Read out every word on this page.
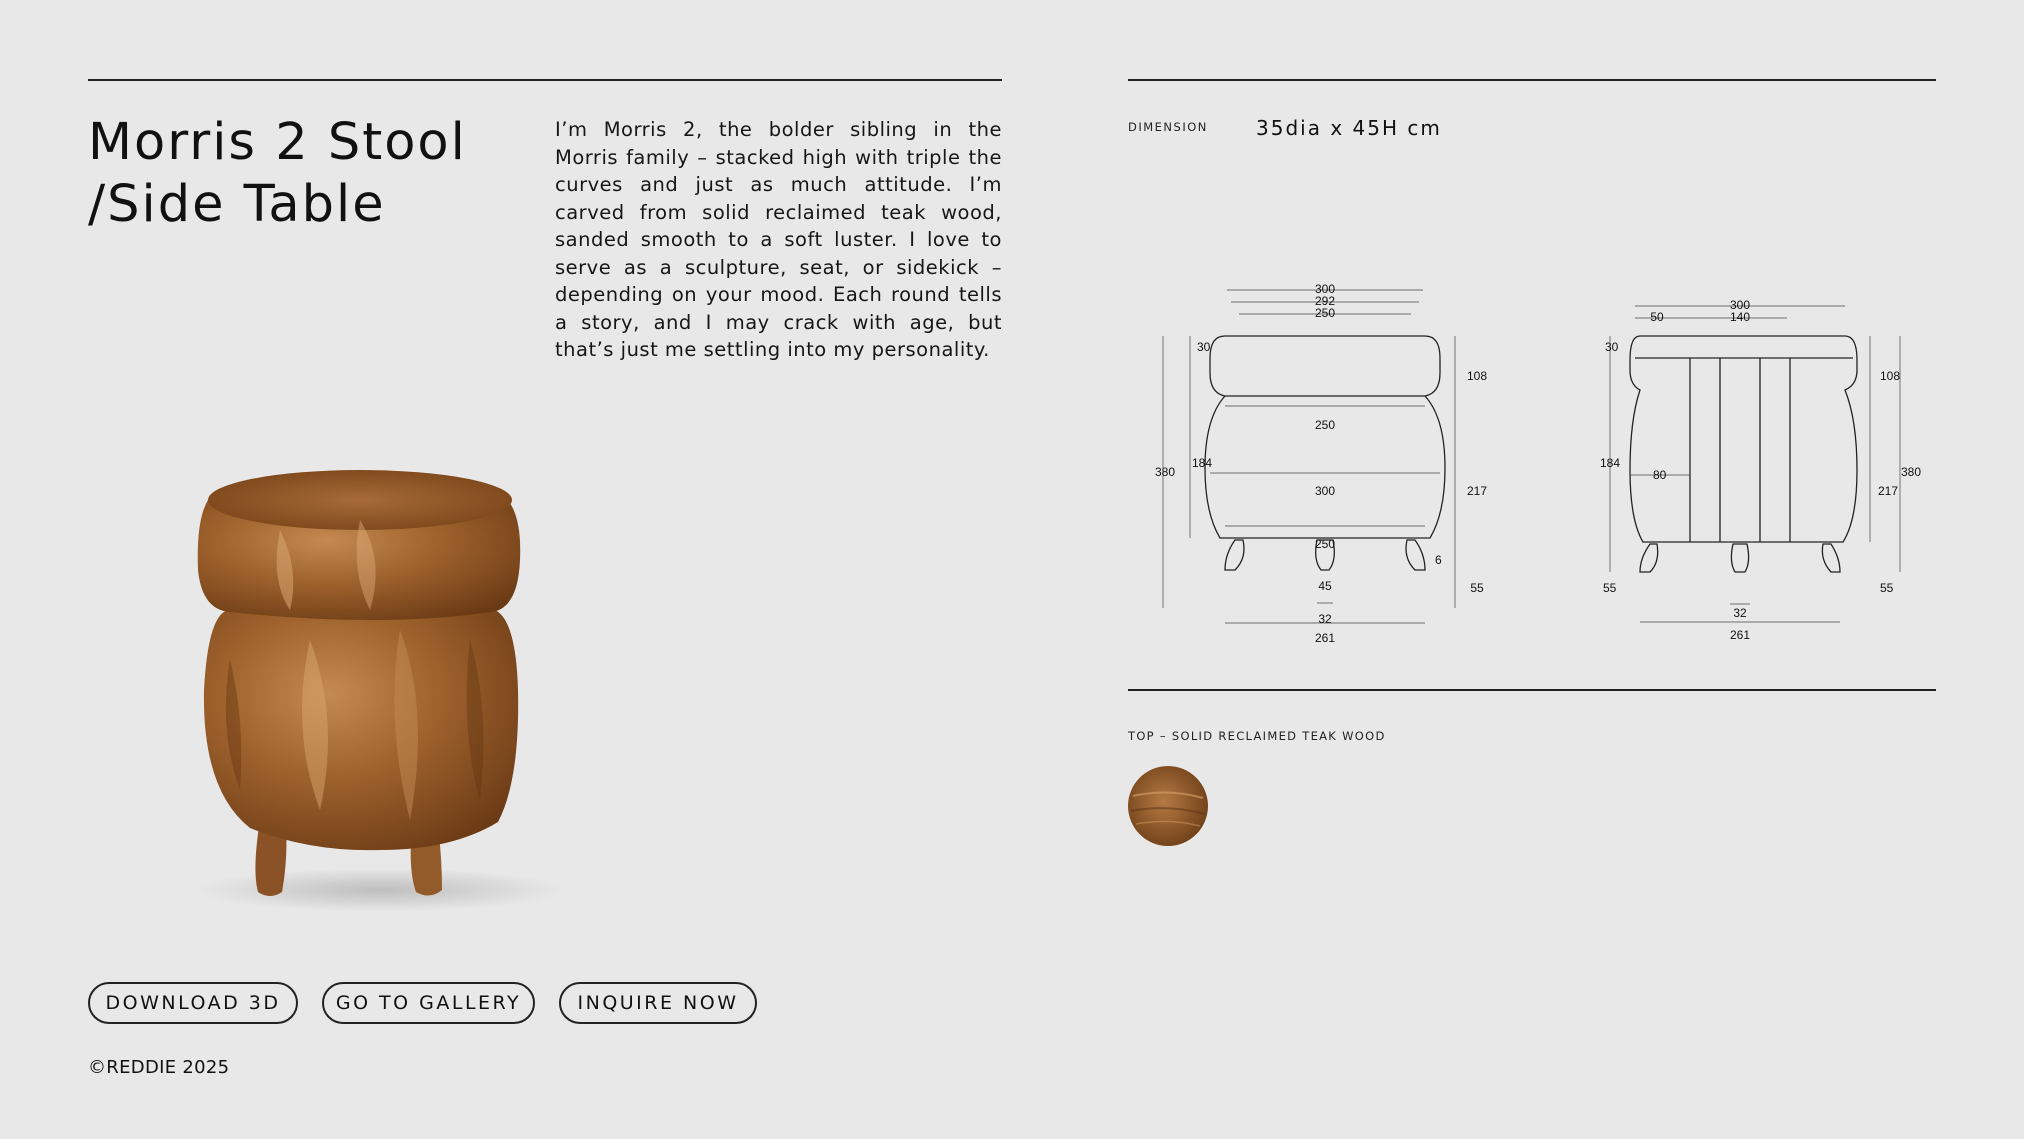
Morris 2 Stool
/Side Table

I’m Morris 2, the bolder sibling in the Morris family – stacked high with triple the curves and just as much attitude. I’m carved from solid reclaimed teak wood, sanded smooth to a soft luster. I love to serve as a sculpture, seat, or sidekick – depending on your mood. Each round tells a story, and I may crack with age, but that’s just me settling into my personality.

DIMENSION 35dia x 45H cm
300
292
250
30
108
380
184
250
300	217
250
6
45	55
32
261
300
50	140
30
108
184
80
217
380
55	55
32
261
TOP – SOLID RECLAIMED TEAK WOOD
DOWNLOAD 3D	GO TO GALLERY	INQUIRE NOW
©REDDIE 2025
